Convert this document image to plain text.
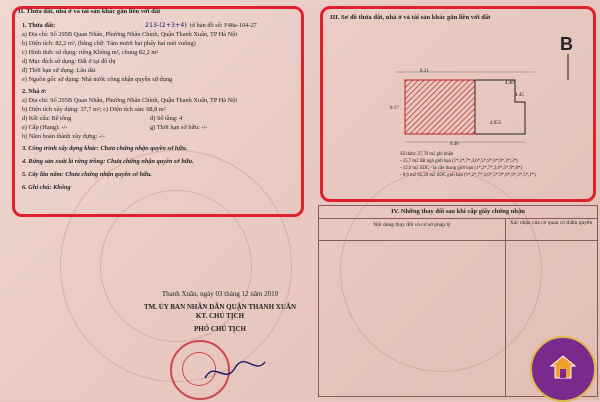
II. Thửa đất, nhà ở và tài sản khác gắn liền với đất
1. Thửa đất:	213-(2+3+4) tờ bản đồ số: F48a-104-27
a) Địa chỉ: Số 295B Quan Nhân, Phường Nhân Chính, Quận Thanh Xuân, TP Hà Nội
b) Diện tích: 82,2 m², (bằng chữ: Tám mươi hai phẩy hai mét vuông)
c) Hình thức sử dụng: riêng Không m², chung 82,2 m²
d) Mục đích sử dụng: Đất ở tại đô thị
đ) Thời hạn sử dụng: Lâu dài
e) Nguồn gốc sử dụng: Nhà nước công nhận quyền sử dụng
2. Nhà ở:
a) Địa chỉ: Số 295B Quan Nhân, Phường Nhân Chính, Quận Thanh Xuân, TP Hà Nội
b) Diện tích xây dựng: 37,7 m²; c) Diện tích sàn: 68,8 m²
d) Kết cấu: Bê tông	đ) Số tầng: 4
e) Cấp (Hạng): -/-	g) Thời hạn sở hữu: -/-
h) Năm hoàn thành xây dựng: -/-
3. Công trình xây dựng khác: Chưa chứng nhận quyền sở hữu.
4. Rừng sản xuất là rừng trồng: Chưa chứng nhận quyền sở hữu.
5. Cây lâu năm: Chưa chứng nhận quyền sở hữu.
6. Ghi chú: Không
III. Sơ đồ thửa đất, nhà ở và tài sản khác gắn liền với đất
B
8.21
4.45
8.46
4.955
8.17
4.40
Số thửa: 37,70 m2 ghi nhận
- 25,7 m2 đất ngõ giới hạn (1*,2*,7*,3,6*,5*,9*,8*,9*,3*,5*)
- 12,0 m2 SDC - là cầu thang giới hạn (1*,2*,7*,3,6*,5*,9*,8*)
- 0,6 m2 82,20 m2 SDC giới hạn (1*,2*,7*,3,6*,5*,9*,8*,9*,3*,5*,1*)
IV. Những thay đổi sau khi cấp giấy chứng nhận
Nội dung thay đổi và cơ sở pháp lý	Xác nhận của cơ quan có thẩm quyền
Thanh Xuân, ngày 03 tháng 12 năm 2010
TM. ỦY BAN NHÂN DÂN QUẬN THANH XUÂN
KT. CHỦ TỊCH
PHÓ CHỦ TỊCH
